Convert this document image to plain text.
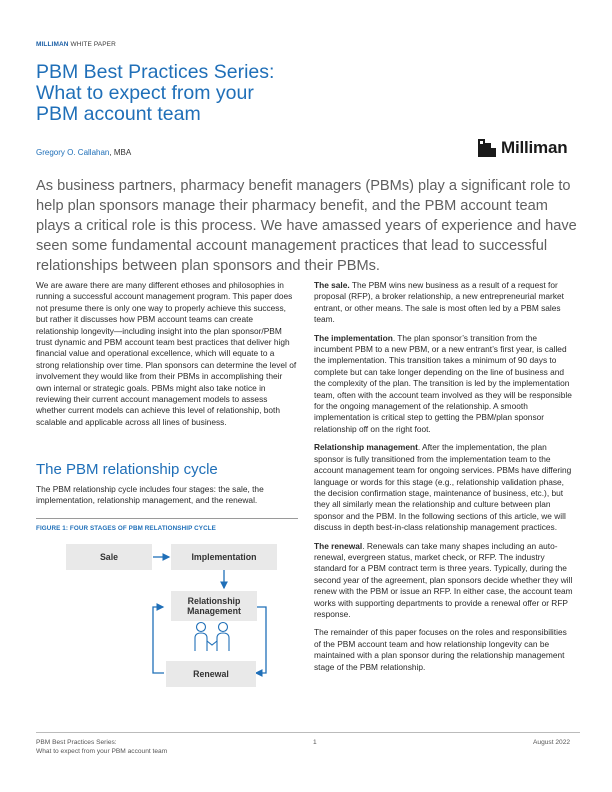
MILLIMAN WHITE PAPER
PBM Best Practices Series:
What to expect from your
PBM account team
Gregory O. Callahan, MBA	Milliman
As business partners, pharmacy benefit managers (PBMs) play a significant role to help plan sponsors manage their pharmacy benefit, and the PBM account team plays a critical role is this process. We have amassed years of experience and have seen some fundamental account management practices that lead to successful relationships between plan sponsors and their PBMs.

We are aware there are many different ethoses and philosophies in running a successful account management program. This paper does not presume there is only one way to properly achieve this success, but rather it discusses how PBM account teams can create relationship longevity—including insight into the plan sponsor/PBM trust dynamic and PBM account team best practices that deliver high financial value and operational excellence, which will equate to a strong relationship over time. Plan sponsors can determine the level of involvement they would like from their PBMs in accomplishing their own internal or strategic goals. PBMs might also take notice in reviewing their current account management models to assess whether current models can achieve this level of relationship, both scalable and applicable across all lines of business.

The PBM relationship cycle
The PBM relationship cycle includes four stages: the sale, the implementation, relationship management, and the renewal.
FIGURE 1: FOUR STAGES OF PBM RELATIONSHIP CYCLE
Sale	Implementation
Relationship
Management
Renewal

The sale. The PBM wins new business as a result of a request for proposal (RFP), a broker relationship, a new entrepreneurial market entrant, or other means. The sale is most often led by a PBM sales team.

The implementation. The plan sponsor’s transition from the incumbent PBM to a new PBM, or a new entrant’s first year, is called the implementation. This transition takes a minimum of 90 days to complete but can take longer depending on the line of business and the complexity of the plan. The transition is led by the implementation team, often with the account team involved as they will be responsible for the ongoing management of the relationship. A smooth implementation is critical step to getting the PBM/plan sponsor relationship off on the right foot.

Relationship management. After the implementation, the plan sponsor is fully transitioned from the implementation team to the account management team for ongoing services. PBMs have differing language or words for this stage (e.g., relationship validation phase, the decision confirmation stage, maintenance of business, etc.), but they all similarly mean the relationship and culture between plan sponsor and the PBM. In the following sections of this article, we will discuss in depth best-in-class relationship management practices.

The renewal. Renewals can take many shapes including an auto-renewal, evergreen status, market check, or RFP. The industry standard for a PBM contract term is three years. Typically, during the second year of the agreement, plan sponsors decide whether they will renew with the PBM or issue an RFP. In either case, the account team works with supporting departments to provide a renewal offer or RFP response.

The remainder of this paper focuses on the roles and responsibilities of the PBM account team and how relationship longevity can be maintained with a plan sponsor during the relationship management stage of the PBM relationship.

PBM Best Practices Series:
What to expect from your PBM account team
1	August 2022
